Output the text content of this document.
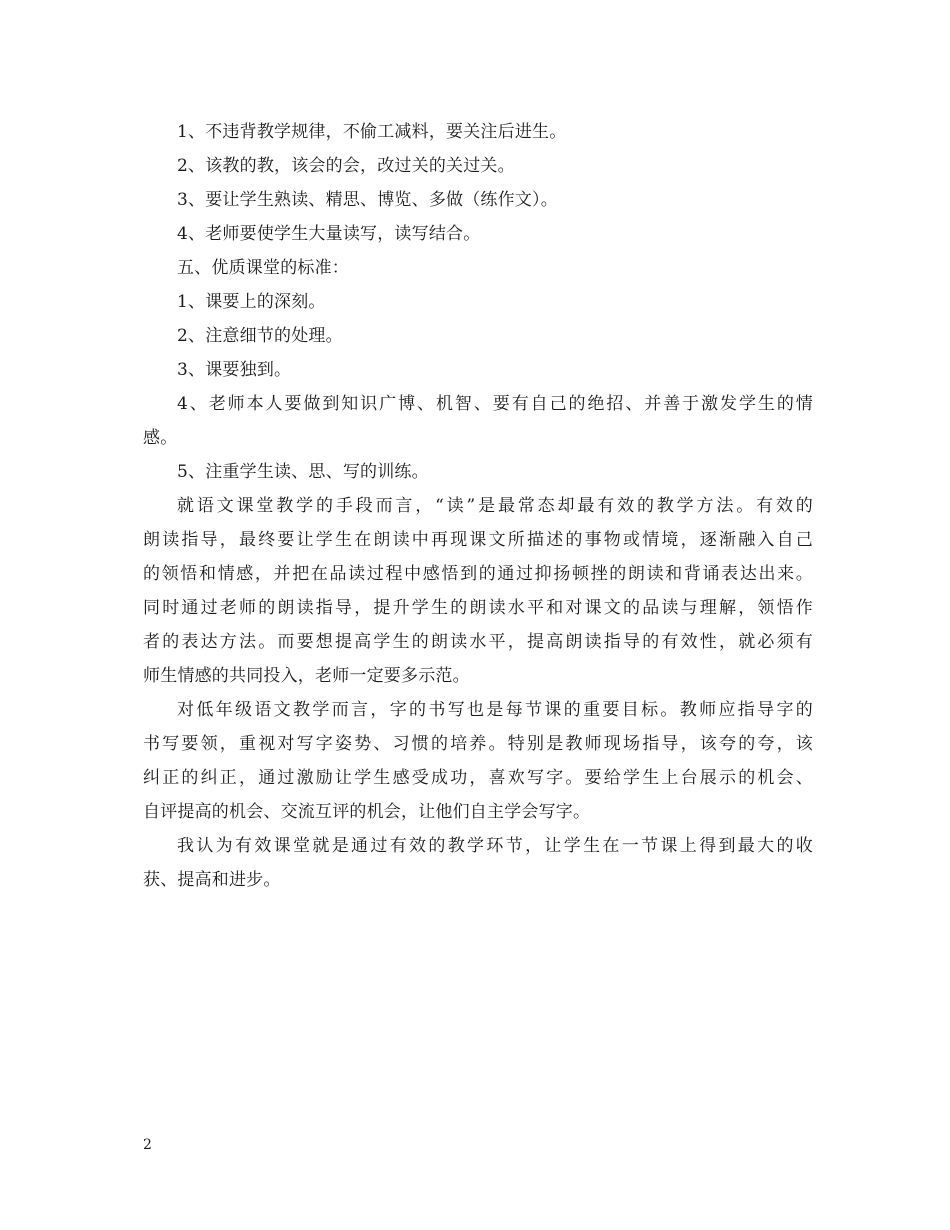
1、不违背教学规律，不偷工减料，要关注后进生。
2、该教的教，该会的会，改过关的关过关。
3、要让学生熟读、精思、博览、多做（练作文）。
4、老师要使学生大量读写，读写结合。
五、优质课堂的标准：
1、课要上的深刻。
2、注意细节的处理。
3、课要独到。
4、老师本人要做到知识广博、机智、要有自己的绝招、并善于激发学生的情
感。
5、注重学生读、思、写的训练。
就语文课堂教学的手段而言，“读”是最常态却最有效的教学方法。有效的
朗读指导，最终要让学生在朗读中再现课文所描述的事物或情境，逐渐融入自己
的领悟和情感，并把在品读过程中感悟到的通过抑扬顿挫的朗读和背诵表达出来。
同时通过老师的朗读指导，提升学生的朗读水平和对课文的品读与理解，领悟作
者的表达方法。而要想提高学生的朗读水平，提高朗读指导的有效性，就必须有
师生情感的共同投入，老师一定要多示范。
对低年级语文教学而言，字的书写也是每节课的重要目标。教师应指导字的
书写要领，重视对写字姿势、习惯的培养。特别是教师现场指导，该夸的夸，该
纠正的纠正，通过激励让学生感受成功，喜欢写字。要给学生上台展示的机会、
自评提高的机会、交流互评的机会，让他们自主学会写字。
我认为有效课堂就是通过有效的教学环节，让学生在一节课上得到最大的收
获、提高和进步。
2
